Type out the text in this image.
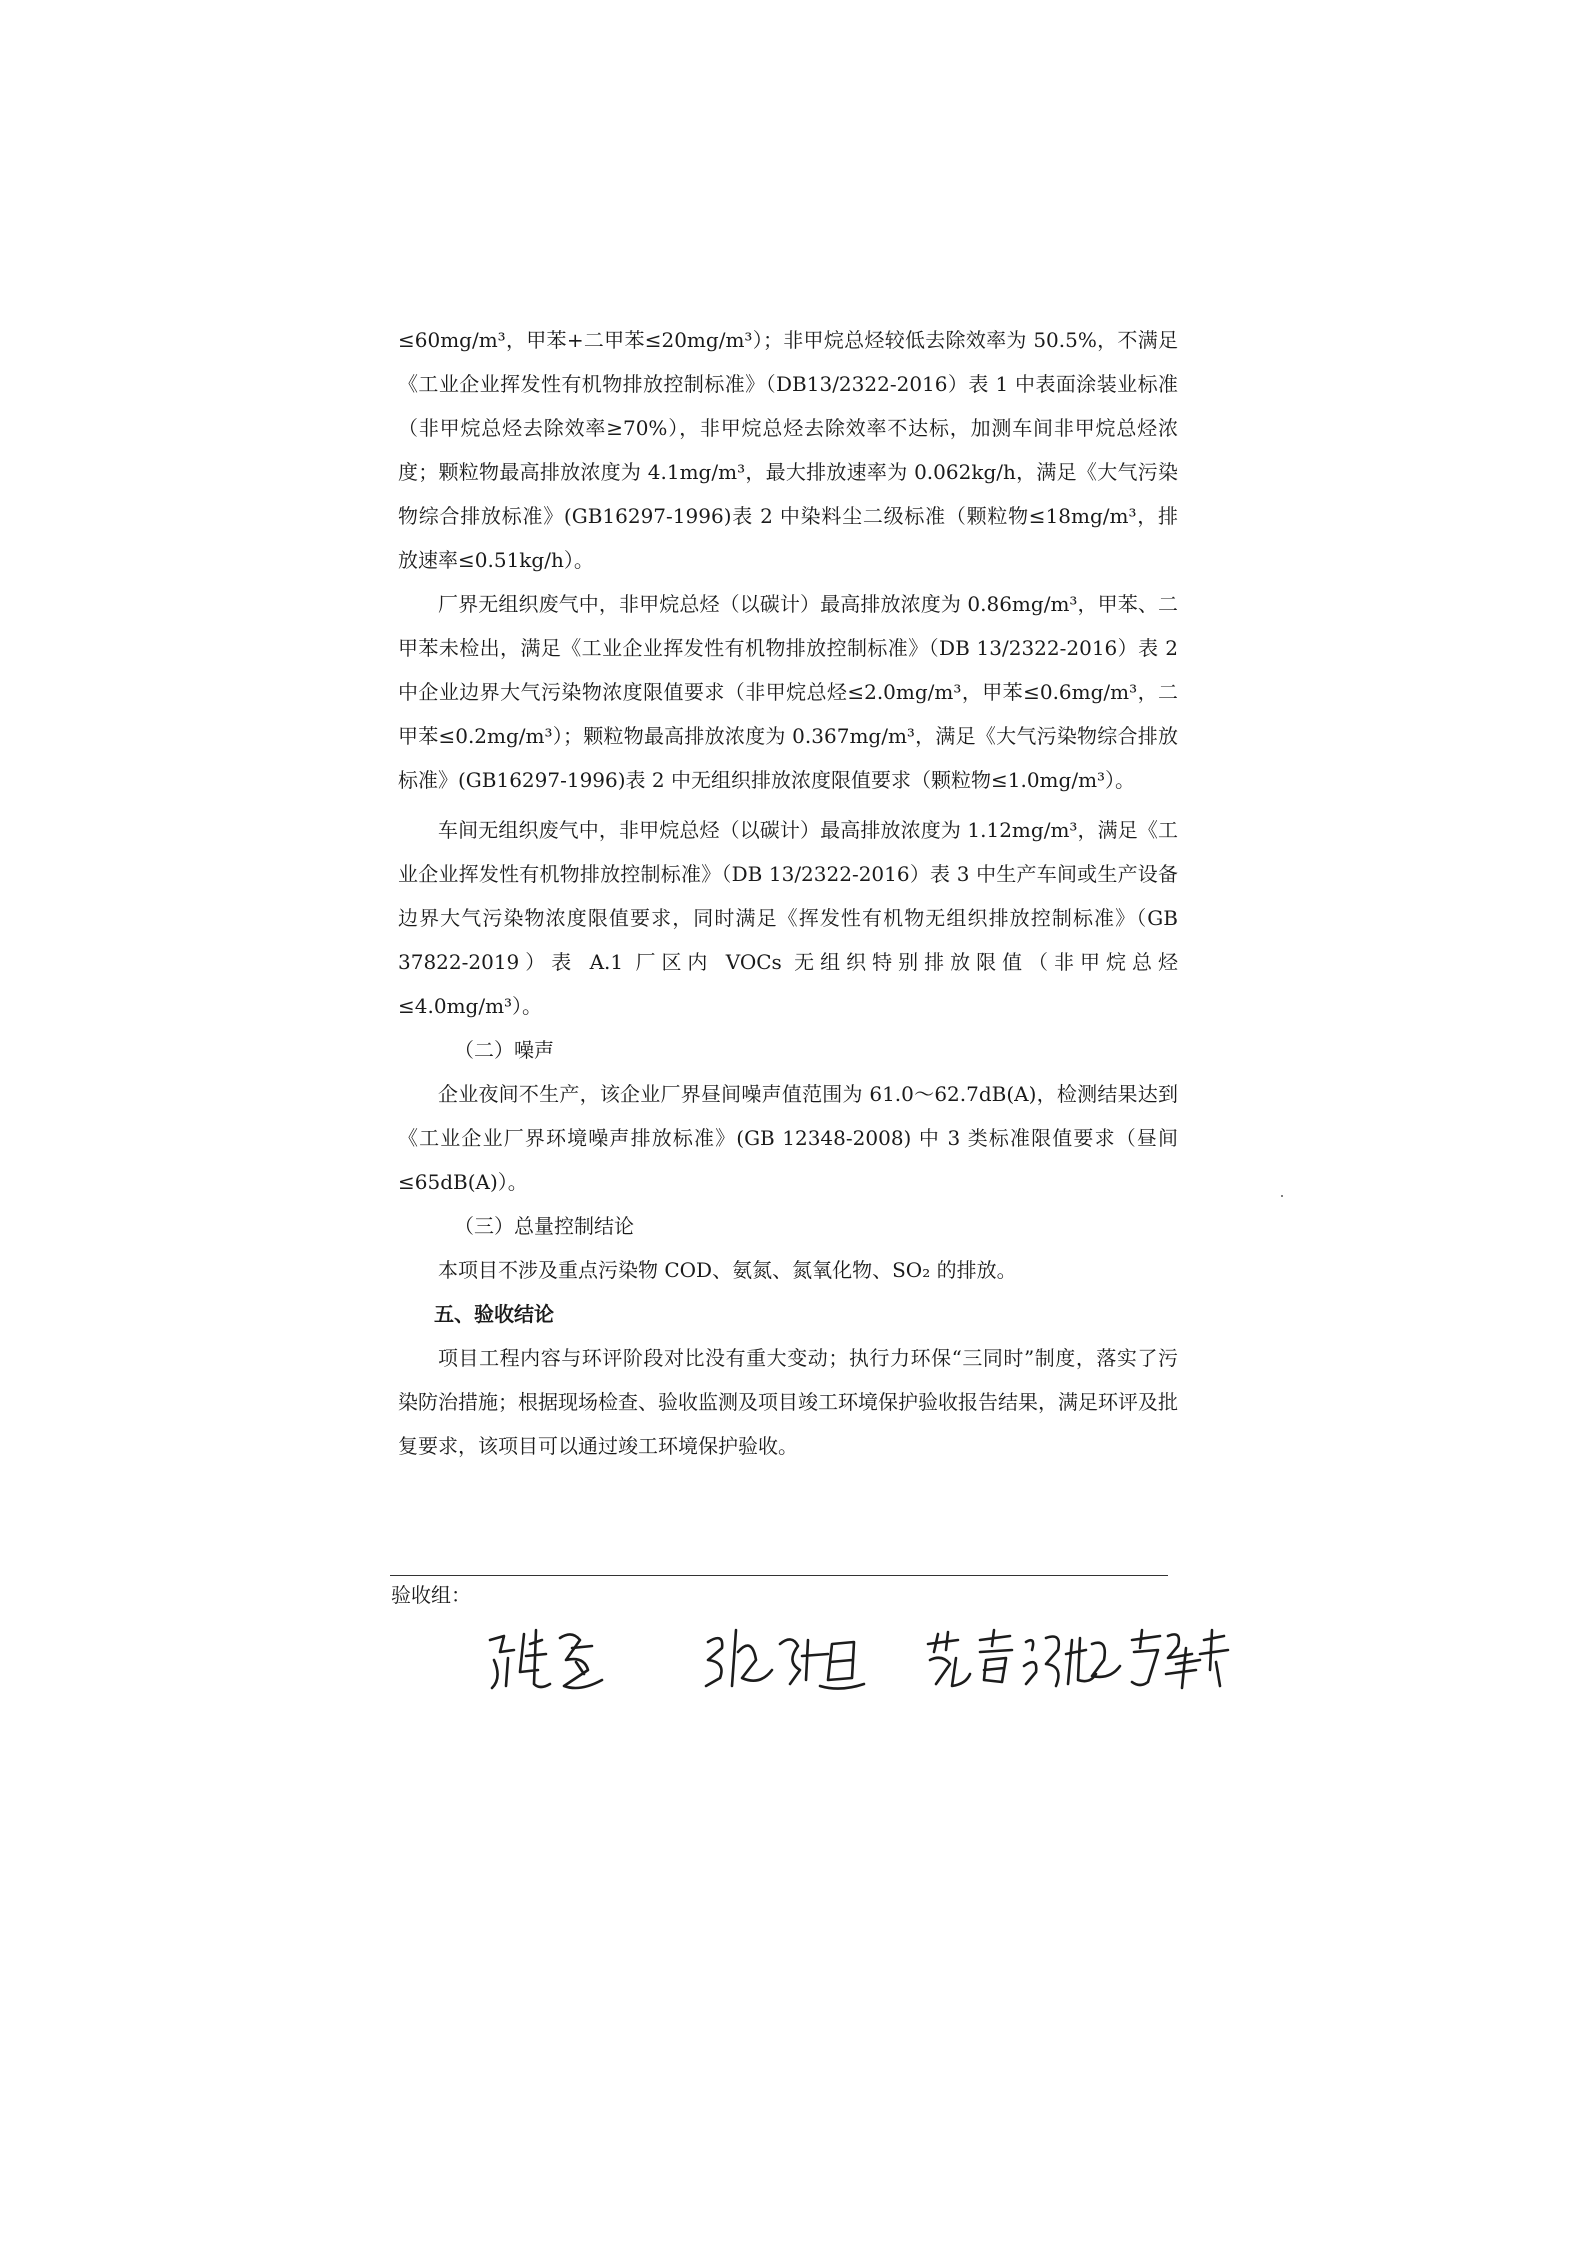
≤60mg/m³，甲苯+二甲苯≤20mg/m³）；非甲烷总烃较低去除效率为 50.5%，不满足《工业企业挥发性有机物排放控制标准》（DB13/2322-2016）表 1 中表面涂装业标准（非甲烷总烃去除效率≥70%），非甲烷总烃去除效率不达标，加测车间非甲烷总烃浓度；颗粒物最高排放浓度为 4.1mg/m³，最大排放速率为 0.062kg/h，满足《大气污染物综合排放标准》(GB16297-1996)表 2 中染料尘二级标准（颗粒物≤18mg/m³，排放速率≤0.51kg/h）。

厂界无组织废气中，非甲烷总烃（以碳计）最高排放浓度为 0.86mg/m³，甲苯、二甲苯未检出，满足《工业企业挥发性有机物排放控制标准》（DB 13/2322-2016）表 2 中企业边界大气污染物浓度限值要求（非甲烷总烃≤2.0mg/m³，甲苯≤0.6mg/m³，二甲苯≤0.2mg/m³）；颗粒物最高排放浓度为 0.367mg/m³，满足《大气污染物综合排放标准》(GB16297-1996)表 2 中无组织排放浓度限值要求（颗粒物≤1.0mg/m³）。

车间无组织废气中，非甲烷总烃（以碳计）最高排放浓度为 1.12mg/m³，满足《工业企业挥发性有机物排放控制标准》（DB 13/2322-2016）表 3 中生产车间或生产设备边界大气污染物浓度限值要求，同时满足《挥发性有机物无组织排放控制标准》（GB 37822-2019）表 A.1 厂区内 VOCs 无组织特别排放限值（非甲烷总烃≤4.0mg/m³）。

（二）噪声

企业夜间不生产，该企业厂界昼间噪声值范围为 61.0～62.7dB(A)，检测结果达到《工业企业厂界环境噪声排放标准》(GB 12348-2008) 中 3 类标准限值要求（昼间≤65dB(A)）。

（三）总量控制结论

本项目不涉及重点污染物 COD、氨氮、氮氧化物、SO₂ 的排放。

五、验收结论

项目工程内容与环评阶段对比没有重大变动；执行力环保“三同时”制度，落实了污染防治措施；根据现场检查、验收监测及项目竣工环境保护验收报告结果，满足环评及批复要求，该项目可以通过竣工环境保护验收。

验收组：
